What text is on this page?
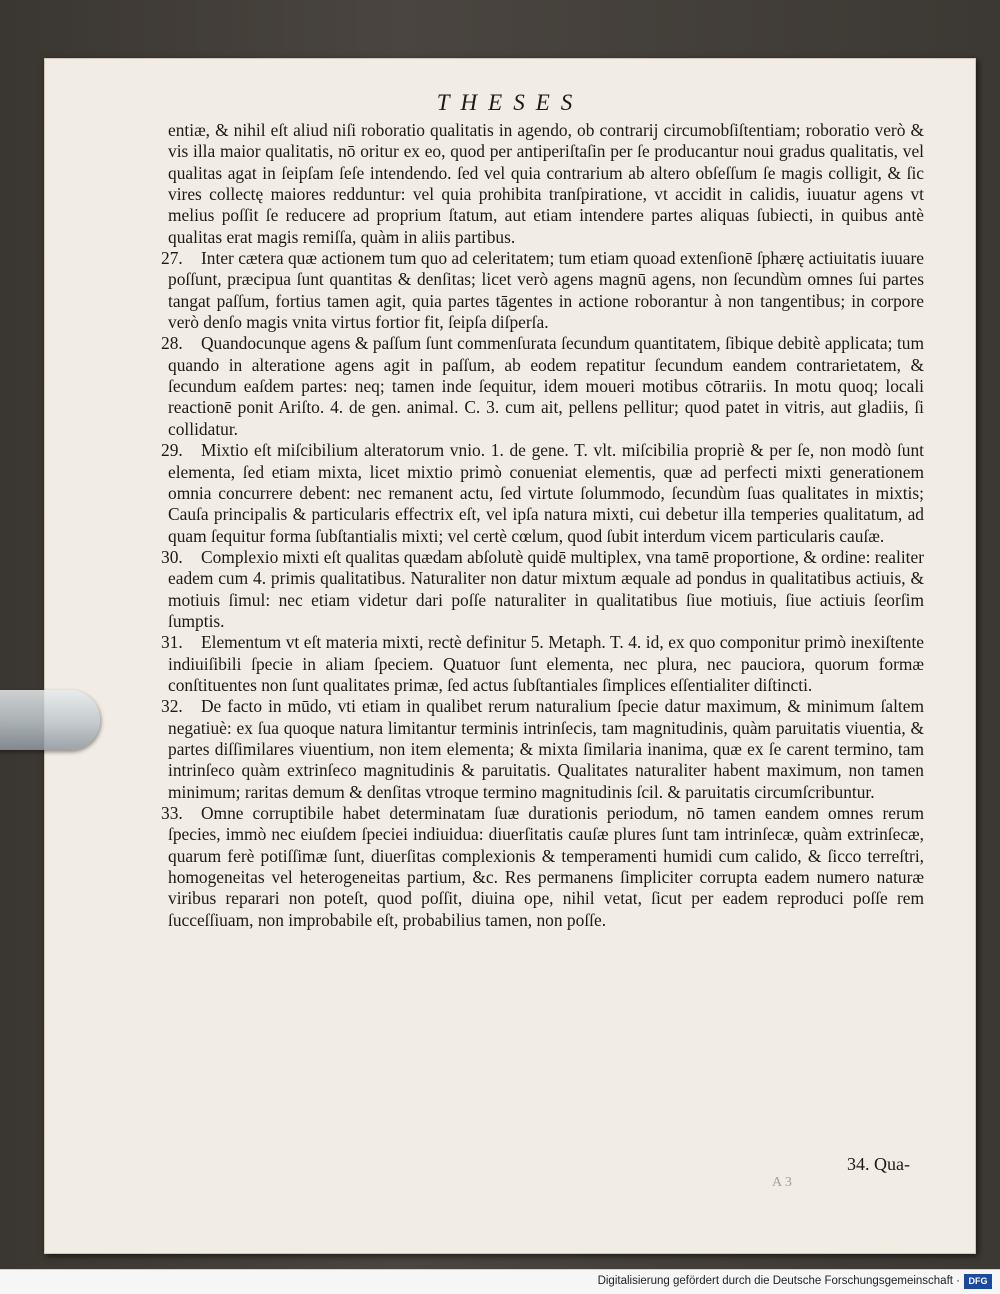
THESES

entiæ, & nihil eſt aliud niſi roboratio qualitatis in agendo, ob contrarij circumobſiſtentiam; roboratio verò & vis illa maior qualitatis, nō oritur ex eo, quod per antiperiſtaſin per ſe producantur noui gradus qualitatis, vel qualitas agat in ſeipſam ſeſe intendendo. ſed vel quia contrarium ab altero obſeſſum ſe magis colligit, & ſic vires collectę maiores redduntur: vel quia prohibita tranſpiratione, vt accidit in calidis, iuuatur agens vt melius poſſit ſe reducere ad proprium ſtatum, aut etiam intendere partes aliquas ſubiecti, in quibus antè qualitas erat magis remiſſa, quàm in aliis partibus.

27. Inter cætera quæ actionem tum quo ad celeritatem; tum etiam quoad extenſionē ſphærę actiuitatis iuuare poſſunt, præcipua ſunt quantitas & denſitas; licet verò agens magnū agens, non ſecundùm omnes ſui partes tangat paſſum, fortius tamen agit, quia partes tāgentes in actione roborantur à non tangentibus; in corpore verò denſo magis vnita virtus fortior fit, ſeipſa diſperſa.

28. Quandocunque agens & paſſum ſunt commenſurata ſecundum quantitatem, ſibique debitè applicata; tum quando in alteratione agens agit in paſſum, ab eodem repatitur ſecundum eandem contrarietatem, & ſecundum eaſdem partes: neq; tamen inde ſequitur, idem moueri motibus cōtrariis. In motu quoq; locali reactionē ponit Ariſto. 4. de gen. animal. C. 3. cum ait, pellens pellitur; quod patet in vitris, aut gladiis, ſi collidatur.

29. Mixtio eſt miſcibilium alteratorum vnio. 1. de gene. T. vlt. miſcibilia propriè & per ſe, non modò ſunt elementa, ſed etiam mixta, licet mixtio primò conueniat elementis, quæ ad perfecti mixti generationem omnia concurrere debent: nec remanent actu, ſed virtute ſolummodo, ſecundùm ſuas qualitates in mixtis; Cauſa principalis & particularis effectrix eſt, vel ipſa natura mixti, cui debetur illa temperies qualitatum, ad quam ſequitur forma ſubſtantialis mixti; vel certè cœlum, quod ſubit interdum vicem particularis cauſæ.

30. Complexio mixti eſt qualitas quædam abſolutè quidē multiplex, vna tamē proportione, & ordine: realiter eadem cum 4. primis qualitatibus. Naturaliter non datur mixtum æquale ad pondus in qualitatibus actiuis, & motiuis ſimul: nec etiam videtur dari poſſe naturaliter in qualitatibus ſiue motiuis, ſiue actiuis ſeorſim ſumptis.

31. Elementum vt eſt materia mixti, rectè definitur 5. Metaph. T. 4. id, ex quo componitur primò inexiſtente indiuiſibili ſpecie in aliam ſpeciem. Quatuor ſunt elementa, nec plura, nec pauciora, quorum formæ conſtituentes non ſunt qualitates primæ, ſed actus ſubſtantiales ſimplices eſſentialiter diſtincti.

32. De facto in mūdo, vti etiam in qualibet rerum naturalium ſpecie datur maximum, & minimum ſaltem negatiuè: ex ſua quoque natura limitantur terminis intrinſecis, tam magnitudinis, quàm paruitatis viuentia, & partes diſſimilares viuentium, non item elementa; & mixta ſimilaria inanima, quæ ex ſe carent termino, tam intrinſeco quàm extrinſeco magnitudinis & paruitatis. Qualitates naturaliter habent maximum, non tamen minimum; raritas demum & denſitas vtroque termino magnitudinis ſcil. & paruitatis circumſcribuntur.

33. Omne corruptibile habet determinatam ſuæ durationis periodum, nō tamen eandem omnes rerum ſpecies, immò nec eiuſdem ſpeciei indiuidua: diuerſitatis cauſæ plures ſunt tam intrinſecæ, quàm extrinſecæ, quarum ferè potiſſimæ ſunt, diuerſitas complexionis & temperamenti humidi cum calido, & ſicco terreſtri, homogeneitas vel heterogeneitas partium, &c. Res permanens ſimpliciter corrupta eadem numero naturæ viribus reparari non poteſt, quod poſſit, diuina ope, nihil vetat, ſicut per eadem reproduci poſſe rem ſucceſſiuam, non improbabile eſt, probabilius tamen, non poſſe.

A 3
34. Qua-
Digitalisierung gefördert durch die Deutsche Forschungsgemeinschaft · DFG
